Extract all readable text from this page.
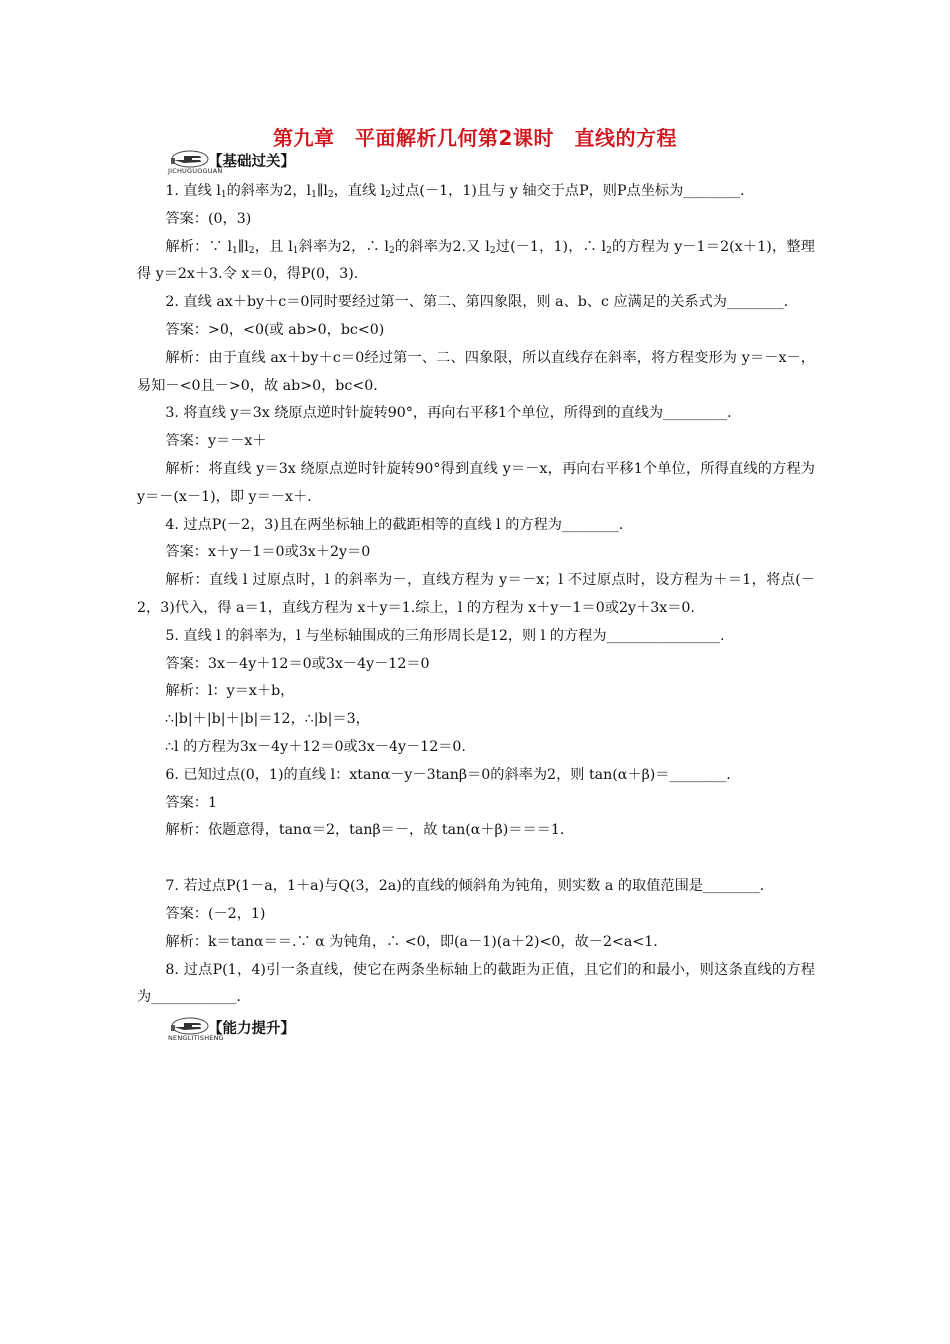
第九章　平面解析几何第2课时　直线的方程
JICHUGUOGUAN
【基础过关】
NENGLITISHENG
【能力提升】

1. 直线 $l_1$的斜率为2，$l_1\parallel l_2$，直线 $l_2$过点(－1，1)且与 y 轴交于点P，则P点坐标为________.

答案：(0，3)

解析：∵ $l_1\parallel l_2$，且 $l_1$斜率为2，∴ $l_2$的斜率为2.又 $l_2$过(－1，1)，∴ $l_2$的方程为 y－1＝2(x＋1)，整理得 y＝2x＋3.令 x＝0，得P(0，3).

2. 直线 ax＋by＋c＝0同时要经过第一、第二、第四象限，则 a、b、c 应满足的关系式为________.

答案：>0，<0(或 ab>0，bc<0)

解析：由于直线 ax＋by＋c＝0经过第一、二、四象限，所以直线存在斜率，将方程变形为 y＝－x－，易知－<0且－>0，故 ab>0，bc<0.

3. 将直线 y＝3x 绕原点逆时针旋转90°，再向右平移1个单位，所得到的直线为_________.

答案：y＝－x＋

解析：将直线 y＝3x 绕原点逆时针旋转90°得到直线 y＝－x，再向右平移1个单位，所得直线的方程为 y＝－(x－1)，即 y＝－x＋.

4. 过点P(－2，3)且在两坐标轴上的截距相等的直线 l 的方程为________.

答案：x＋y－1＝0或3x＋2y＝0

解析：直线 l 过原点时，l 的斜率为－，直线方程为 y＝－x；l 不过原点时，设方程为＋＝1，将点(－2，3)代入，得 a＝1，直线方程为 x＋y＝1.综上，l 的方程为 x＋y－1＝0或2y＋3x＝0.

5. 直线 l 的斜率为，l 与坐标轴围成的三角形周长是12，则 l 的方程为________________.

答案：3x－4y＋12＝0或3x－4y－12＝0

解析：l：y＝x＋b，

∴|b|＋|b|＋|b|＝12，∴|b|＝3，

∴l 的方程为3x－4y＋12＝0或3x－4y－12＝0.

6. 已知过点(0，1)的直线 l：xtanα－y－3tanβ＝0的斜率为2，则 tan(α＋β)＝________.

答案：1

解析：依题意得，tanα＝2，tanβ＝－，故 tan(α＋β)＝＝＝1.

7. 若过点P(1－a，1＋a)与Q(3，2a)的直线的倾斜角为钝角，则实数 a 的取值范围是________.

答案：(－2，1)

解析：k＝tanα＝＝.∵ α 为钝角，∴ <0，即(a－1)(a＋2)<0，故－2<a<1.

8. 过点P(1，4)引一条直线，使它在两条坐标轴上的截距为正值，且它们的和最小，则这条直线的方程为____________.
